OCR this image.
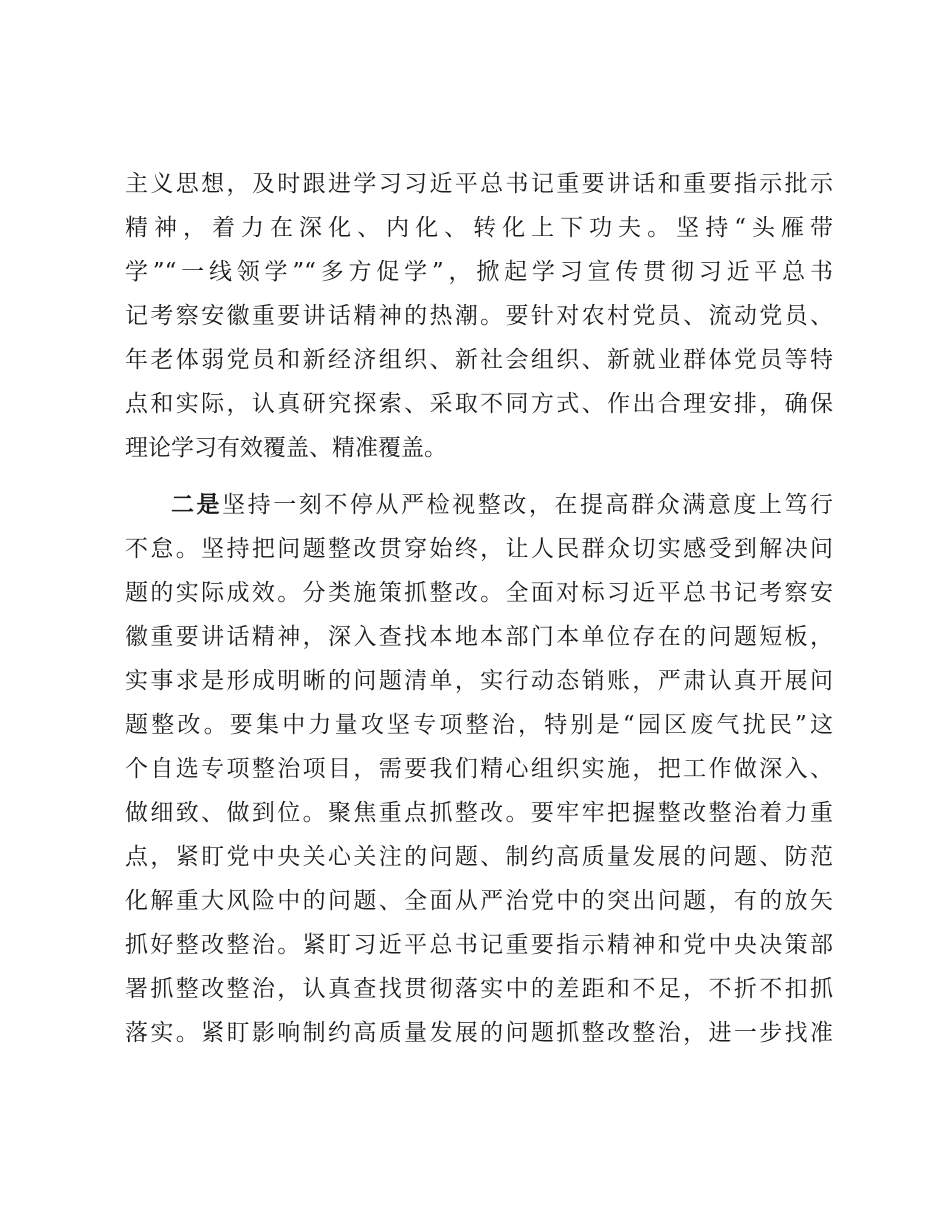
主义思想，及时跟进学习习近平总书记重要讲话和重要指示批示
精神，着力在深化、内化、转化上下功夫。坚持“头雁带
学”“一线领学”“多方促学”，掀起学习宣传贯彻习近平总书
记考察安徽重要讲话精神的热潮。要针对农村党员、流动党员、
年老体弱党员和新经济组织、新社会组织、新就业群体党员等特
点和实际，认真研究探索、采取不同方式、作出合理安排，确保
理论学习有效覆盖、精准覆盖。
二是坚持一刻不停从严检视整改，在提高群众满意度上笃行
不怠。坚持把问题整改贯穿始终，让人民群众切实感受到解决问
题的实际成效。分类施策抓整改。全面对标习近平总书记考察安
徽重要讲话精神，深入查找本地本部门本单位存在的问题短板，
实事求是形成明晰的问题清单，实行动态销账，严肃认真开展问
题整改。要集中力量攻坚专项整治，特别是“园区废气扰民”这
个自选专项整治项目，需要我们精心组织实施，把工作做深入、
做细致、做到位。聚焦重点抓整改。要牢牢把握整改整治着力重
点，紧盯党中央关心关注的问题、制约高质量发展的问题、防范
化解重大风险中的问题、全面从严治党中的突出问题，有的放矢
抓好整改整治。紧盯习近平总书记重要指示精神和党中央决策部
署抓整改整治，认真查找贯彻落实中的差距和不足，不折不扣抓
落实。紧盯影响制约高质量发展的问题抓整改整治，进一步找准
